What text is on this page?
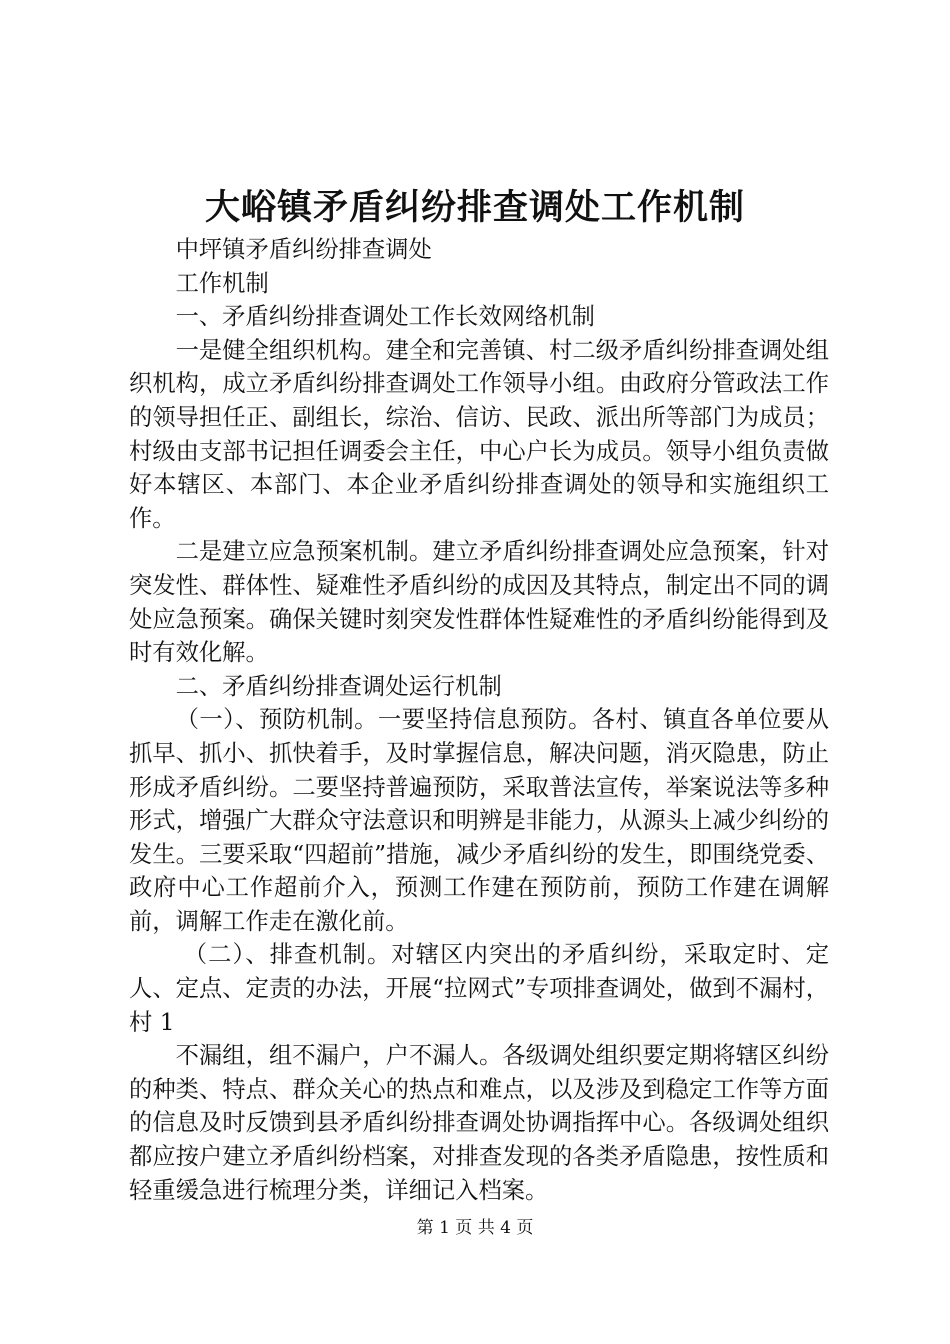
大峪镇矛盾纠纷排查调处工作机制

中坪镇矛盾纠纷排查调处

工作机制

一、矛盾纠纷排查调处工作长效网络机制

一是健全组织机构。建全和完善镇、村二级矛盾纠纷排查调处组织机构，成立矛盾纠纷排查调处工作领导小组。由政府分管政法工作的领导担任正、副组长，综治、信访、民政、派出所等部门为成员；村级由支部书记担任调委会主任，中心户长为成员。领导小组负责做好本辖区、本部门、本企业矛盾纠纷排查调处的领导和实施组织工作。

二是建立应急预案机制。建立矛盾纠纷排查调处应急预案，针对突发性、群体性、疑难性矛盾纠纷的成因及其特点，制定出不同的调处应急预案。确保关键时刻突发性群体性疑难性的矛盾纠纷能得到及时有效化解。

二、矛盾纠纷排查调处运行机制

（一）、预防机制。一要坚持信息预防。各村、镇直各单位要从抓早、抓小、抓快着手，及时掌握信息，解决问题，消灭隐患，防止形成矛盾纠纷。二要坚持普遍预防，采取普法宣传，举案说法等多种形式，增强广大群众守法意识和明辨是非能力，从源头上减少纠纷的发生。三要采取“四超前”措施，减少矛盾纠纷的发生，即围绕党委、政府中心工作超前介入，预测工作建在预防前，预防工作建在调解前，调解工作走在激化前。

（二）、排查机制。对辖区内突出的矛盾纠纷，采取定时、定人、定点、定责的办法，开展“拉网式”专项排查调处，做到不漏村，村 1

不漏组，组不漏户，户不漏人。各级调处组织要定期将辖区纠纷的种类、特点、群众关心的热点和难点，以及涉及到稳定工作等方面的信息及时反馈到县矛盾纠纷排查调处协调指挥中心。各级调处组织都应按户建立矛盾纠纷档案，对排查发现的各类矛盾隐患，按性质和轻重缓急进行梳理分类，详细记入档案。

第 1 页 共 4 页
